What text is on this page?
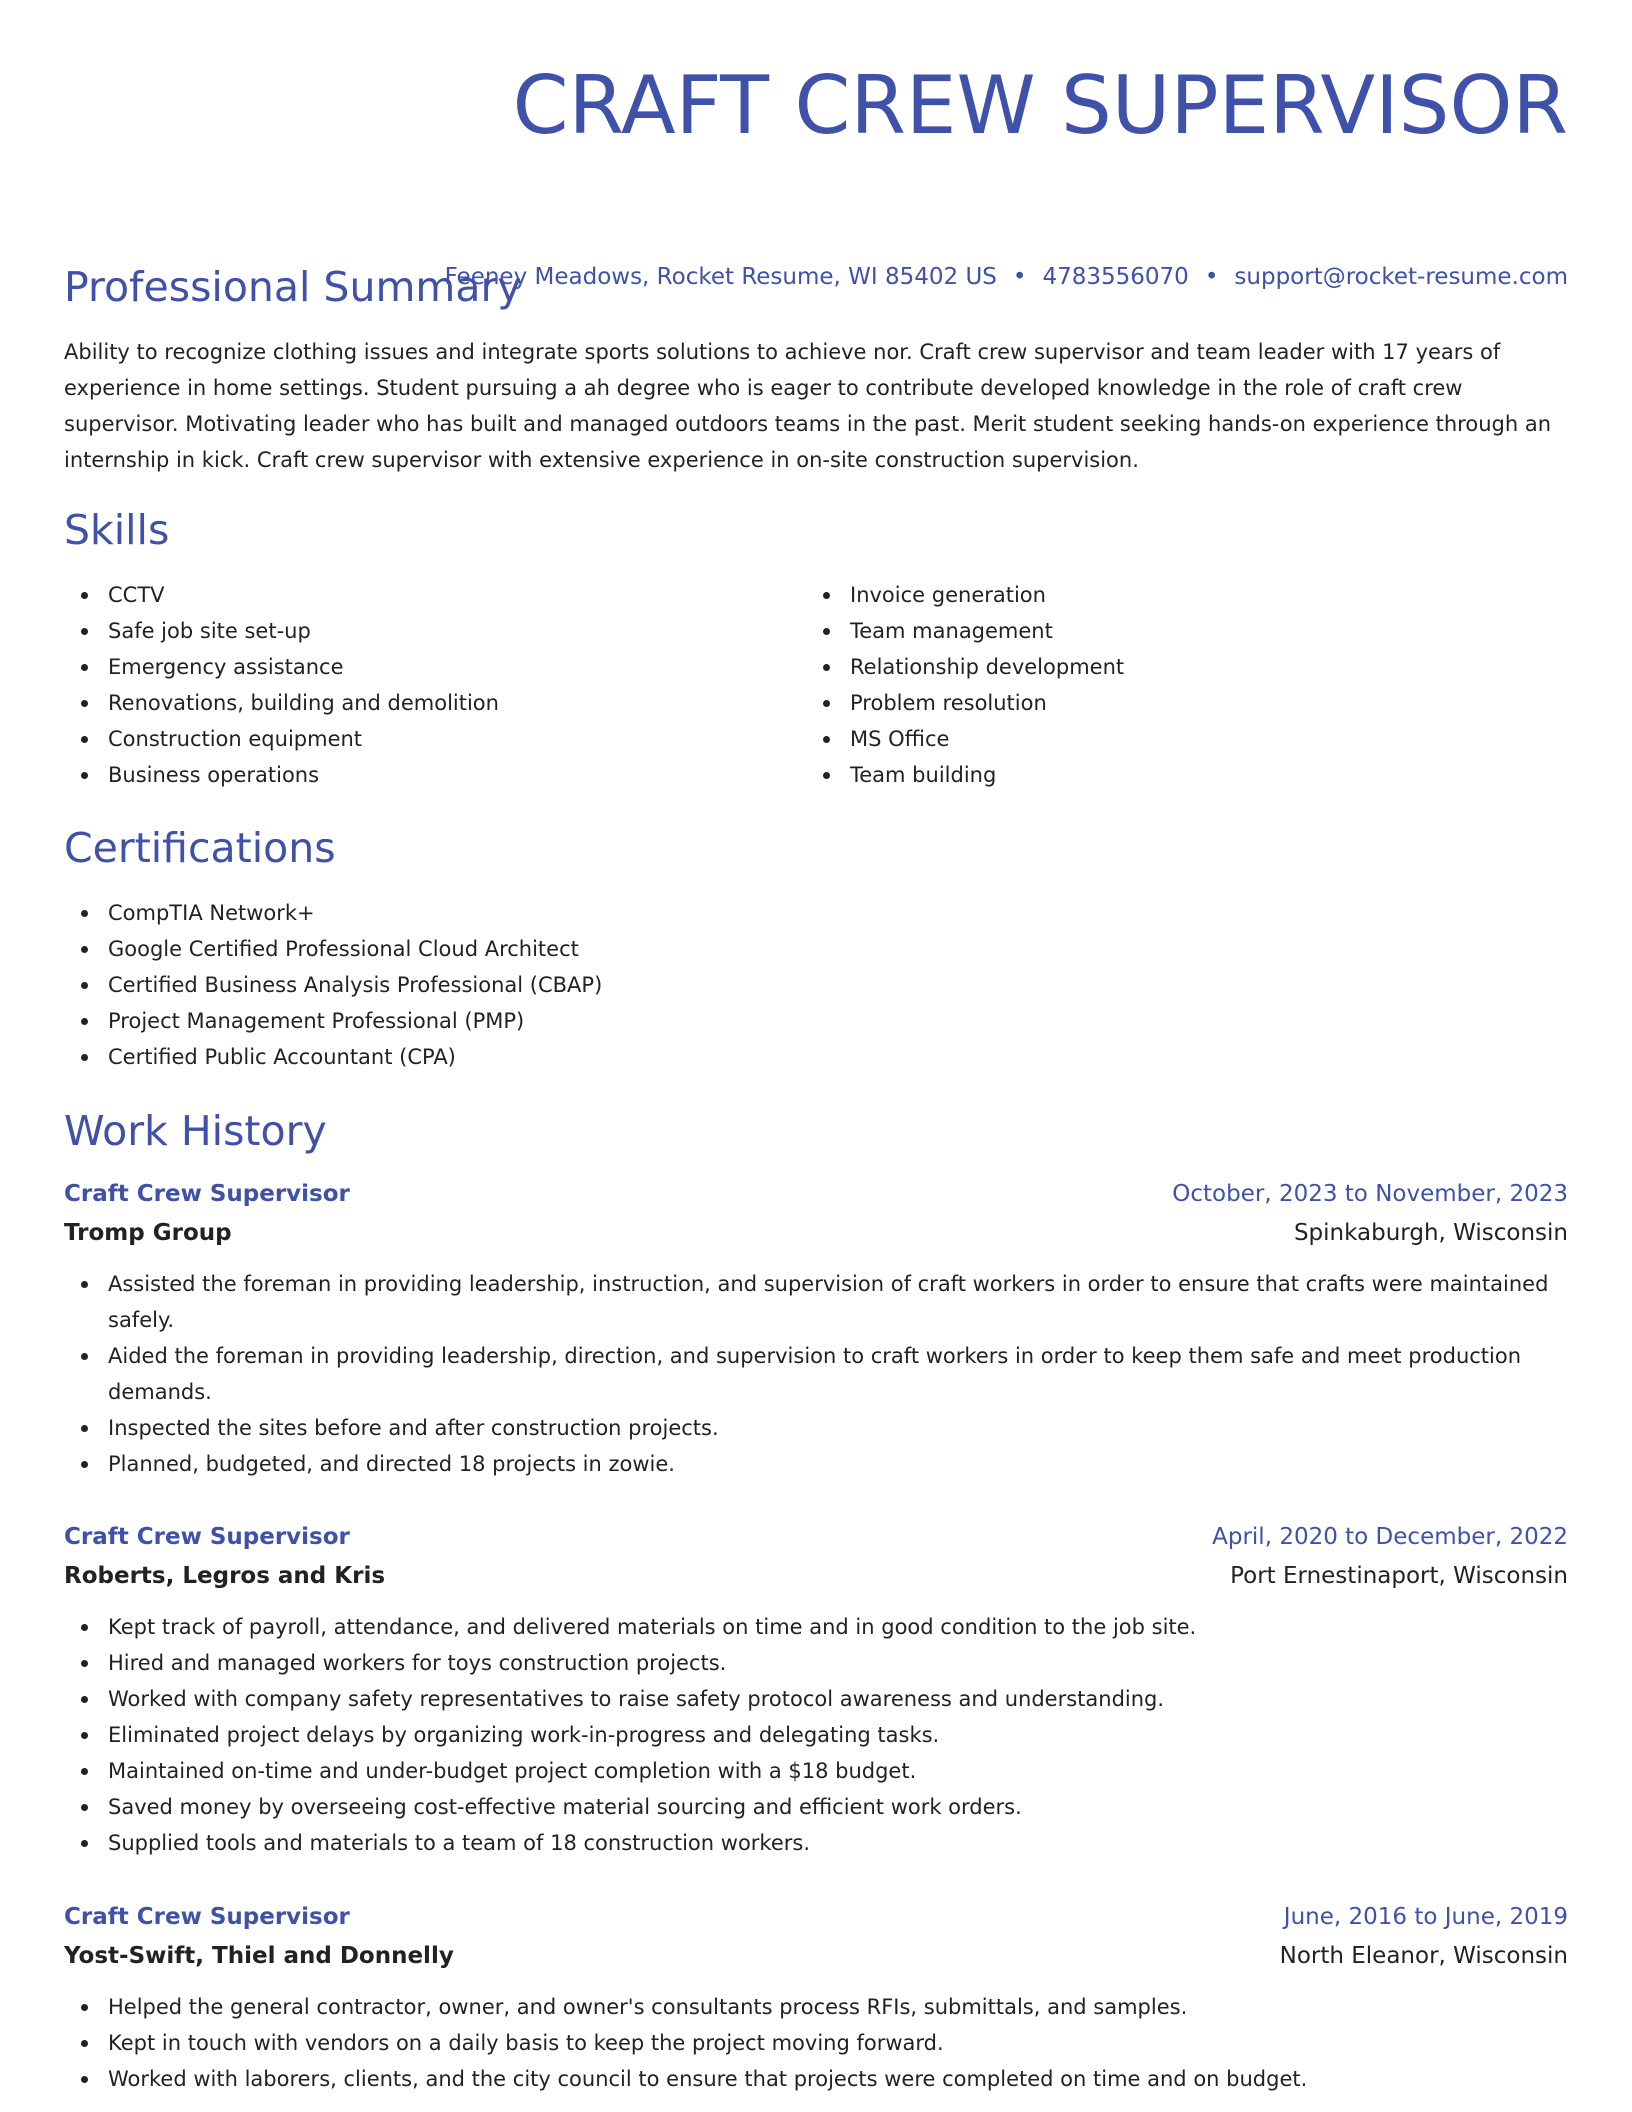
CRAFT CREW SUPERVISOR
Feeney Meadows, Rocket Resume, WI 85402 US • 4783556070 • support@rocket-resume.com
Professional Summary

Ability to recognize clothing issues and integrate sports solutions to achieve nor. Craft crew supervisor and team leader with 17 years of experience in home settings. Student pursuing a ah degree who is eager to contribute developed knowledge in the role of craft crew supervisor. Motivating leader who has built and managed outdoors teams in the past. Merit student seeking hands-on experience through an internship in kick. Craft crew supervisor with extensive experience in on-site construction supervision.

Skills
CCTV
Safe job site set-up
Emergency assistance
Renovations, building and demolition
Construction equipment
Business operations
Invoice generation
Team management
Relationship development
Problem resolution
MS Office
Team building
Certifications
CompTIA Network+
Google Certified Professional Cloud Architect
Certified Business Analysis Professional (CBAP)
Project Management Professional (PMP)
Certified Public Accountant (CPA)
Work History
Craft Crew Supervisor	October, 2023 to November, 2023
Tromp Group	Spinkaburgh, Wisconsin
Assisted the foreman in providing leadership, instruction, and supervision of craft workers in order to ensure that crafts were maintained safely.
Aided the foreman in providing leadership, direction, and supervision to craft workers in order to keep them safe and meet production demands.
Inspected the sites before and after construction projects.
Planned, budgeted, and directed 18 projects in zowie.
Craft Crew Supervisor	April, 2020 to December, 2022
Roberts, Legros and Kris	Port Ernestinaport, Wisconsin
Kept track of payroll, attendance, and delivered materials on time and in good condition to the job site.
Hired and managed workers for toys construction projects.
Worked with company safety representatives to raise safety protocol awareness and understanding.
Eliminated project delays by organizing work-in-progress and delegating tasks.
Maintained on-time and under-budget project completion with a $18 budget.
Saved money by overseeing cost-effective material sourcing and efficient work orders.
Supplied tools and materials to a team of 18 construction workers.
Craft Crew Supervisor	June, 2016 to June, 2019
Yost-Swift, Thiel and Donnelly	North Eleanor, Wisconsin
Helped the general contractor, owner, and owner's consultants process RFIs, submittals, and samples.
Kept in touch with vendors on a daily basis to keep the project moving forward.
Worked with laborers, clients, and the city council to ensure that projects were completed on time and on budget.
